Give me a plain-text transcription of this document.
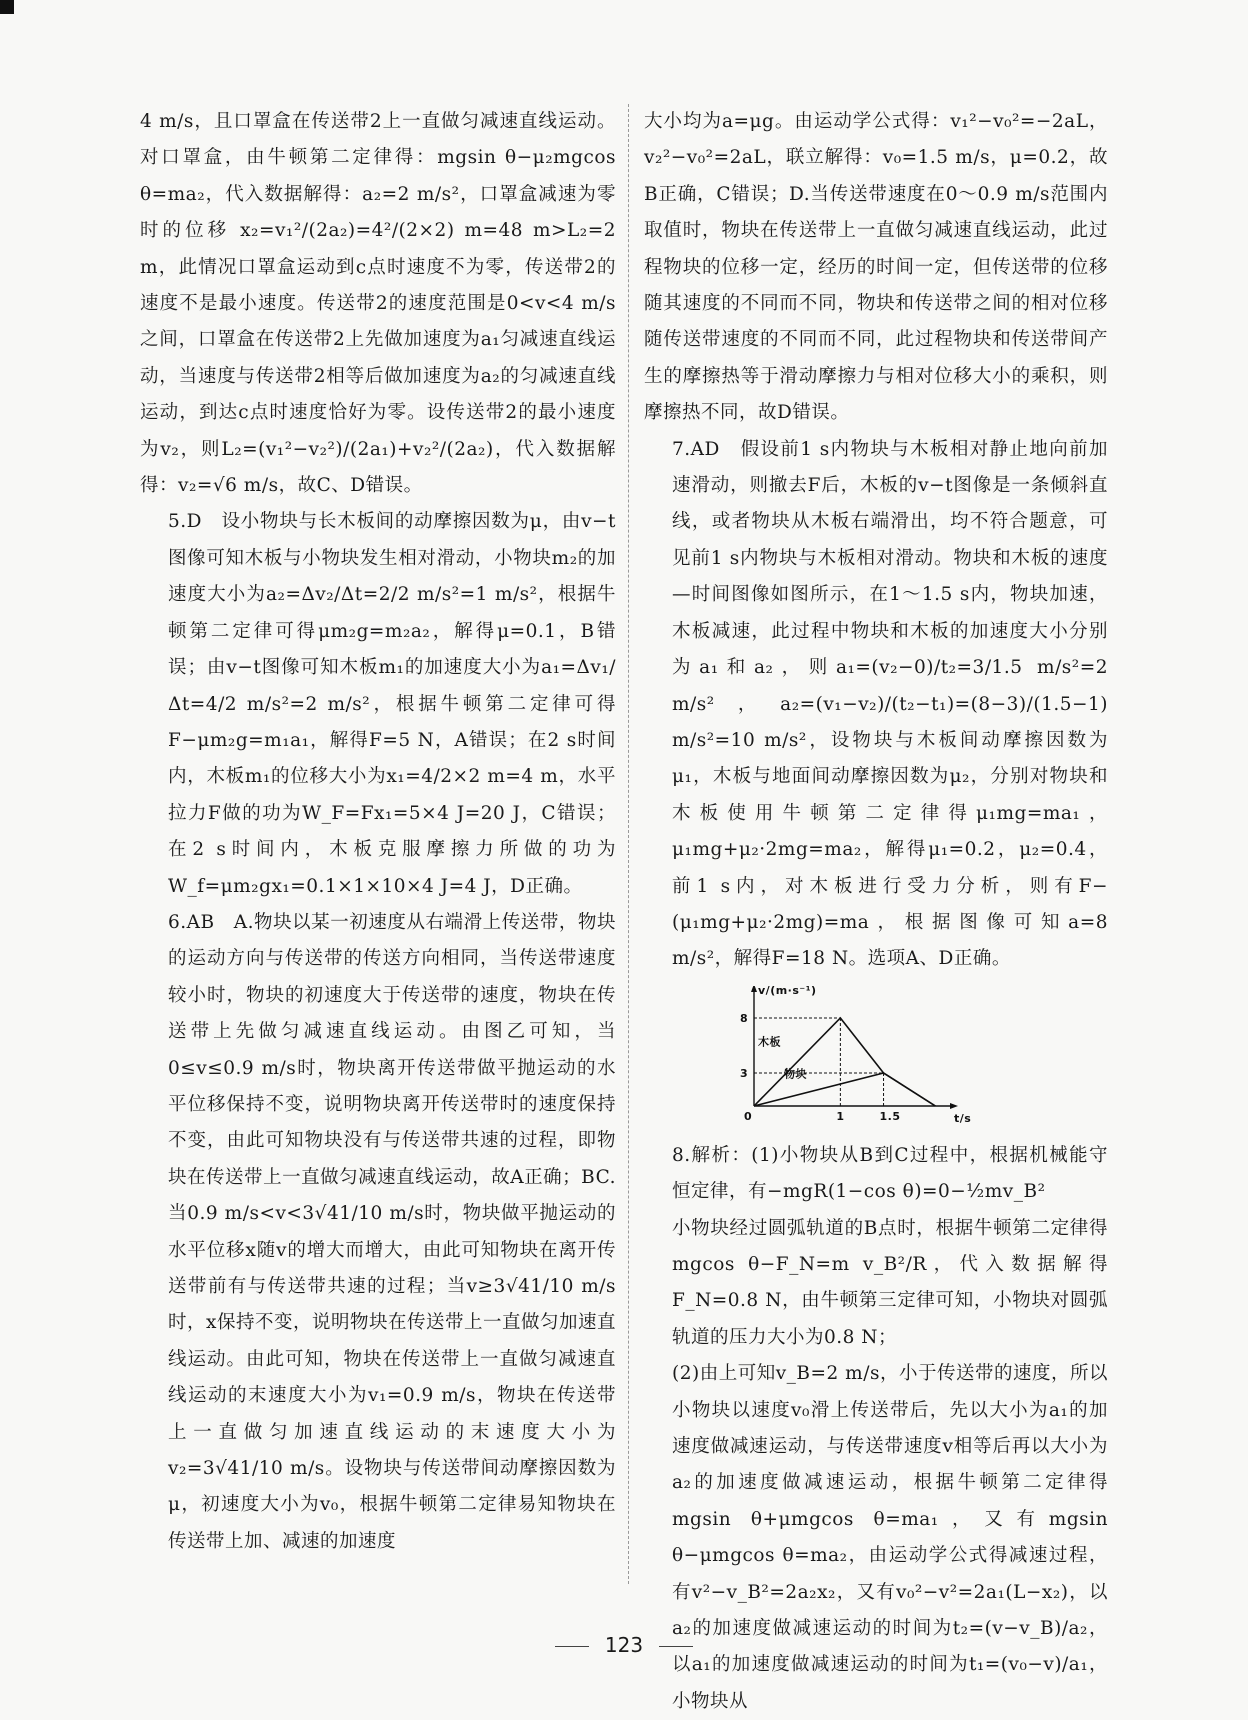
4 m/s，且口罩盒在传送带2上一直做匀减速直线运动。对口罩盒，由牛顿第二定律得：mgsin θ−μ₂mgcos θ=ma₂，代入数据解得：a₂=2 m/s²，口罩盒减速为零时的位移 x₂=v₁²/(2a₂)=4²/(2×2) m=48 m>L₂=2 m，此情况口罩盒运动到c点时速度不为零，传送带2的速度不是最小速度。传送带2的速度范围是0<v<4 m/s之间，口罩盒在传送带2上先做加速度为a₁匀减速直线运动，当速度与传送带2相等后做加速度为a₂的匀减速直线运动，到达c点时速度恰好为零。设传送带2的最小速度为v₂，则L₂=(v₁²−v₂²)/(2a₁)+v₂²/(2a₂)，代入数据解得：v₂=√6 m/s，故C、D错误。

5.D　设小物块与长木板间的动摩擦因数为μ，由v−t图像可知木板与小物块发生相对滑动，小物块m₂的加速度大小为a₂=Δv₂/Δt=2/2 m/s²=1 m/s²，根据牛顿第二定律可得μm₂g=m₂a₂，解得μ=0.1，B错误；由v−t图像可知木板m₁的加速度大小为a₁=Δv₁/Δt=4/2 m/s²=2 m/s²，根据牛顿第二定律可得F−μm₂g=m₁a₁，解得F=5 N，A错误；在2 s时间内，木板m₁的位移大小为x₁=4/2×2 m=4 m，水平拉力F做的功为W_F=Fx₁=5×4 J=20 J，C错误；在2 s时间内，木板克服摩擦力所做的功为W_f=μm₂gx₁=0.1×1×10×4 J=4 J，D正确。

6.AB　A.物块以某一初速度从右端滑上传送带，物块的运动方向与传送带的传送方向相同，当传送带速度较小时，物块的初速度大于传送带的速度，物块在传送带上先做匀减速直线运动。由图乙可知，当0≤v≤0.9 m/s时，物块离开传送带做平抛运动的水平位移保持不变，说明物块离开传送带时的速度保持不变，由此可知物块没有与传送带共速的过程，即物块在传送带上一直做匀减速直线运动，故A正确；BC.当0.9 m/s<v<3√41/10 m/s时，物块做平抛运动的水平位移x随v的增大而增大，由此可知物块在离开传送带前有与传送带共速的过程；当v≥3√41/10 m/s时，x保持不变，说明物块在传送带上一直做匀加速直线运动。由此可知，物块在传送带上一直做匀减速直线运动的末速度大小为v₁=0.9 m/s，物块在传送带上一直做匀加速直线运动的末速度大小为v₂=3√41/10 m/s。设物块与传送带间动摩擦因数为μ，初速度大小为v₀，根据牛顿第二定律易知物块在传送带上加、减速的加速度

大小均为a=μg。由运动学公式得：v₁²−v₀²=−2aL，v₂²−v₀²=2aL，联立解得：v₀=1.5 m/s，μ=0.2，故B正确，C错误；D.当传送带速度在0～0.9 m/s范围内取值时，物块在传送带上一直做匀减速直线运动，此过程物块的位移一定，经历的时间一定，但传送带的位移随其速度的不同而不同，物块和传送带之间的相对位移随传送带速度的不同而不同，此过程物块和传送带间产生的摩擦热等于滑动摩擦力与相对位移大小的乘积，则摩擦热不同，故D错误。

7.AD　假设前1 s内物块与木板相对静止地向前加速滑动，则撤去F后，木板的v−t图像是一条倾斜直线，或者物块从木板右端滑出，均不符合题意，可见前1 s内物块与木板相对滑动。物块和木板的速度—时间图像如图所示，在1～1.5 s内，物块加速，木板减速，此过程中物块和木板的加速度大小分别为a₁和a₂，则a₁=(v₂−0)/t₂=3/1.5 m/s²=2 m/s²，a₂=(v₁−v₂)/(t₂−t₁)=(8−3)/(1.5−1) m/s²=10 m/s²，设物块与木板间动摩擦因数为μ₁，木板与地面间动摩擦因数为μ₂，分别对物块和木板使用牛顿第二定律得μ₁mg=ma₁，μ₁mg+μ₂·2mg=ma₂，解得μ₁=0.2，μ₂=0.4，前1 s内，对木板进行受力分析，则有F−(μ₁mg+μ₂·2mg)=ma，根据图像可知a=8 m/s²，解得F=18 N。选项A、D正确。

v/(m·s⁻¹)
t/s
0
8
3
1	1.5
木板
物块

8.解析：(1)小物块从B到C过程中，根据机械能守恒定律，有−mgR(1−cos θ)=0−½mv_B²

小物块经过圆弧轨道的B点时，根据牛顿第二定律得mgcos θ−F_N=m v_B²/R，代入数据解得F_N=0.8 N，由牛顿第三定律可知，小物块对圆弧轨道的压力大小为0.8 N；

(2)由上可知v_B=2 m/s，小于传送带的速度，所以小物块以速度v₀滑上传送带后，先以大小为a₁的加速度做减速运动，与传送带速度v相等后再以大小为a₂的加速度做减速运动，根据牛顿第二定律得mgsin θ+μmgcos θ=ma₁，又有mgsin θ−μmgcos θ=ma₂，由运动学公式得减速过程，有v²−v_B²=2a₂x₂，又有v₀²−v²=2a₁(L−x₂)，以a₂的加速度做减速运动的时间为t₂=(v−v_B)/a₂，以a₁的加速度做减速运动的时间为t₁=(v₀−v)/a₁，小物块从

123
